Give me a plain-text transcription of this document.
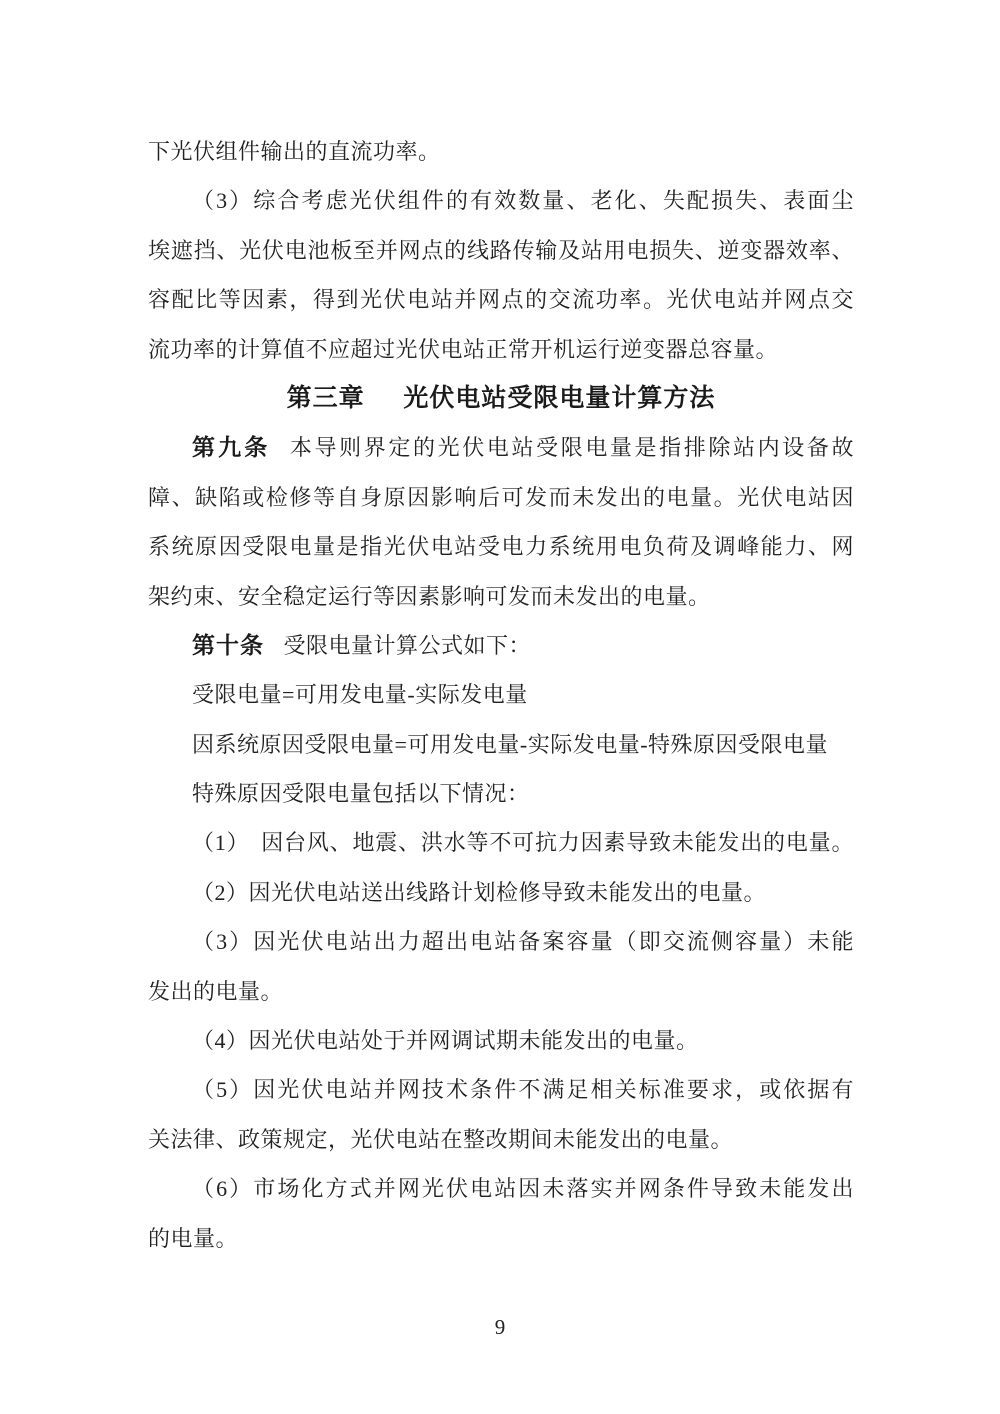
下光伏组件输出的直流功率。
（3）综合考虑光伏组件的有效数量、老化、失配损失、表面尘
埃遮挡、光伏电池板至并网点的线路传输及站用电损失、逆变器效率、
容配比等因素，得到光伏电站并网点的交流功率。光伏电站并网点交
流功率的计算值不应超过光伏电站正常开机运行逆变器总容量。
第三章 光伏电站受限电量计算方法
第九条 本导则界定的光伏电站受限电量是指排除站内设备故
障、缺陷或检修等自身原因影响后可发而未发出的电量。光伏电站因
系统原因受限电量是指光伏电站受电力系统用电负荷及调峰能力、网
架约束、安全稳定运行等因素影响可发而未发出的电量。
第十条 受限电量计算公式如下：
受限电量=可用发电量-实际发电量
因系统原因受限电量=可用发电量-实际发电量-特殊原因受限电量
特殊原因受限电量包括以下情况：
（1）　因台风、地震、洪水等不可抗力因素导致未能发出的电量。
（2）因光伏电站送出线路计划检修导致未能发出的电量。
（3）因光伏电站出力超出电站备案容量（即交流侧容量）未能
发出的电量。
（4）因光伏电站处于并网调试期未能发出的电量。
（5）因光伏电站并网技术条件不满足相关标准要求，或依据有
关法律、政策规定，光伏电站在整改期间未能发出的电量。
（6）市场化方式并网光伏电站因未落实并网条件导致未能发出
的电量。
9
